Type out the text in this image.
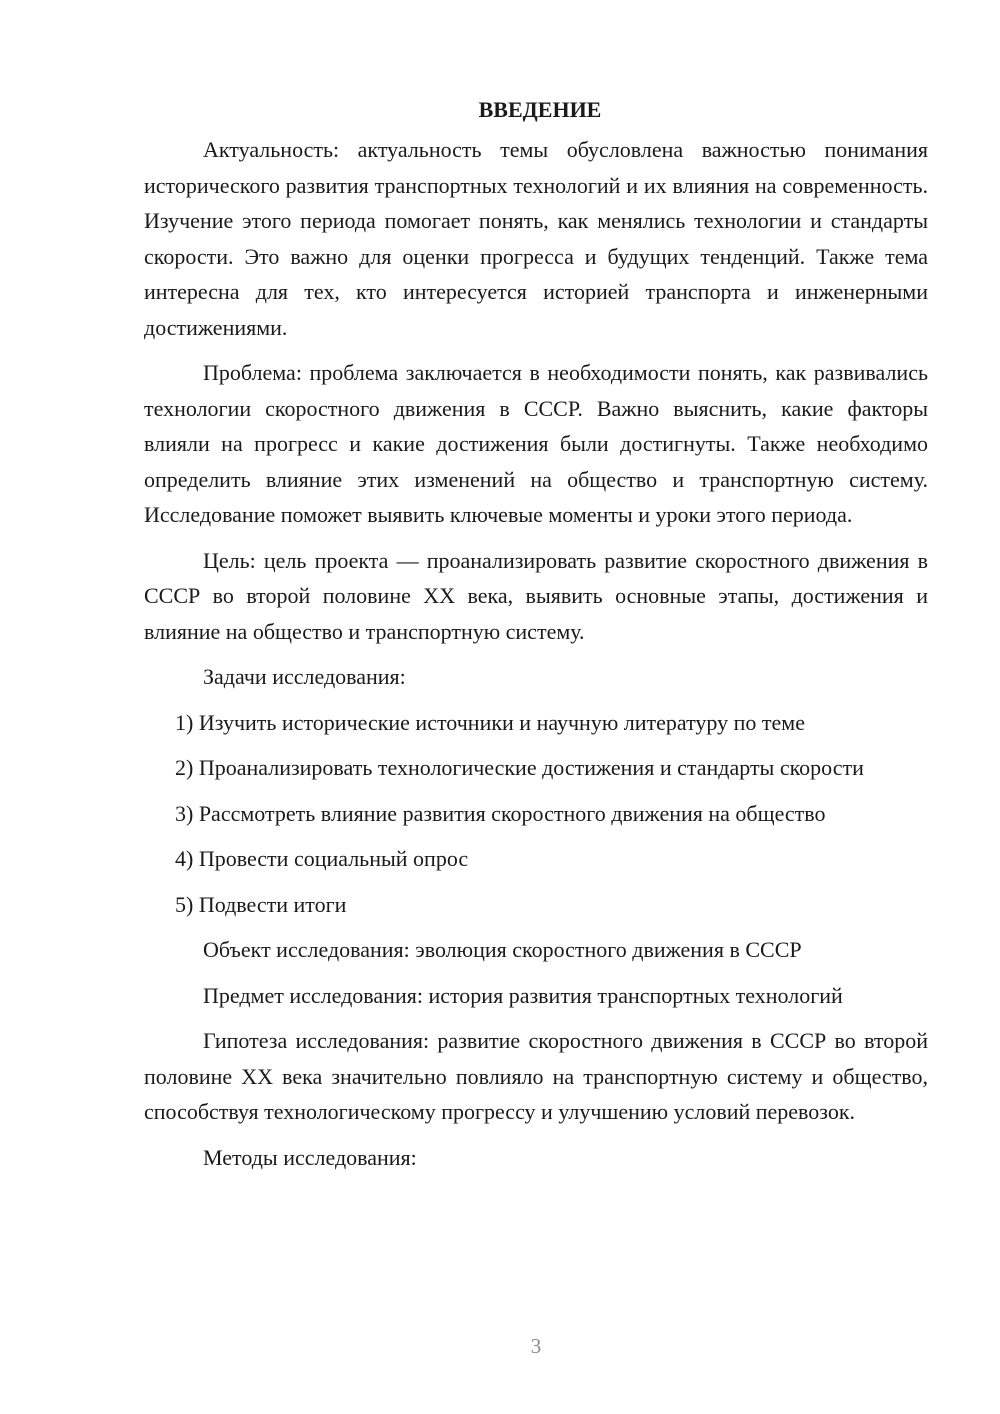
ВВЕДЕНИЕ

Актуальность: актуальность темы обусловлена важностью понимания исторического развития транспортных технологий и их влияния на современность. Изучение этого периода помогает понять, как менялись технологии и стандарты скорости. Это важно для оценки прогресса и будущих тенденций. Также тема интересна для тех, кто интересуется историей транспорта и инженерными достижениями.

Проблема: проблема заключается в необходимости понять, как развивались технологии скоростного движения в СССР. Важно выяснить, какие факторы влияли на прогресс и какие достижения были достигнуты. Также необходимо определить влияние этих изменений на общество и транспортную систему. Исследование поможет выявить ключевые моменты и уроки этого периода.

Цель: цель проекта — проанализировать развитие скоростного движения в СССР во второй половине XX века, выявить основные этапы, достижения и влияние на общество и транспортную систему.

Задачи исследования:

1) Изучить исторические источники и научную литературу по теме

2) Проанализировать технологические достижения и стандарты скорости

3) Рассмотреть влияние развития скоростного движения на общество

4) Провести социальный опрос

5) Подвести итоги

Объект исследования: эволюция скоростного движения в СССР

Предмет исследования: история развития транспортных технологий

Гипотеза исследования: развитие скоростного движения в СССР во второй половине XX века значительно повлияло на транспортную систему и общество, способствуя технологическому прогрессу и улучшению условий перевозок.

Методы исследования:

3
